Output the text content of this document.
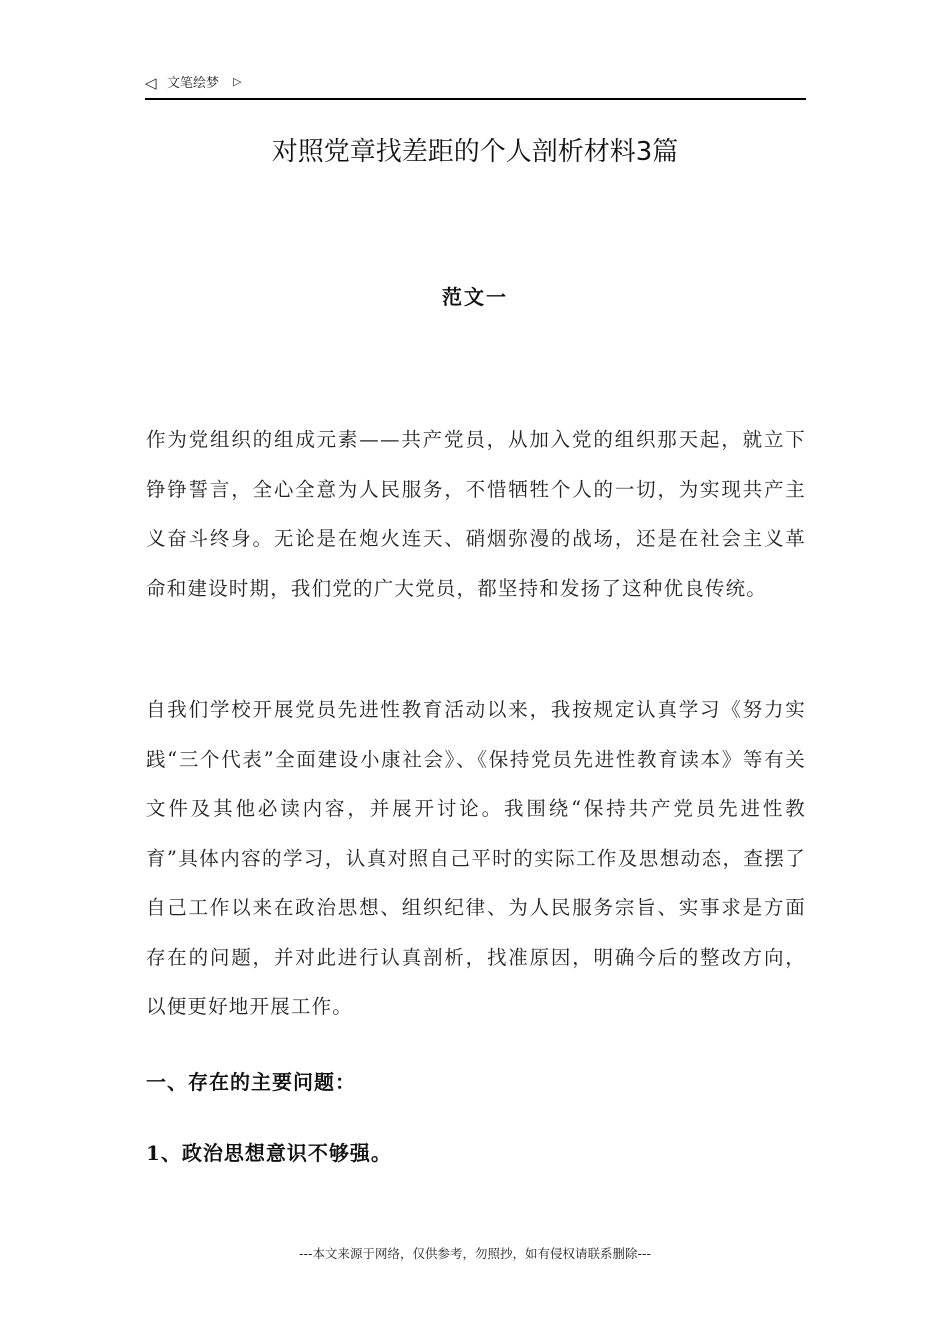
◁ 文笔绘梦 ▷
对照党章找差距的个人剖析材料3篇
范文一

作为党组织的组成元素——共产党员，从加入党的组织那天起，就立下铮铮誓言，全心全意为人民服务，不惜牺牲个人的一切，为实现共产主义奋斗终身。无论是在炮火连天、硝烟弥漫的战场，还是在社会主义革命和建设时期，我们党的广大党员，都坚持和发扬了这种优良传统。

自我们学校开展党员先进性教育活动以来，我按规定认真学习《努力实践“三个代表”全面建设小康社会》、《保持党员先进性教育读本》等有关文件及其他必读内容，并展开讨论。我围绕“保持共产党员先进性教育”具体内容的学习，认真对照自己平时的实际工作及思想动态，查摆了自己工作以来在政治思想、组织纪律、为人民服务宗旨、实事求是方面存在的问题，并对此进行认真剖析，找准原因，明确今后的整改方向，以便更好地开展工作。

一、存在的主要问题：
1、政治思想意识不够强。
---本文来源于网络，仅供参考，勿照抄，如有侵权请联系删除---
